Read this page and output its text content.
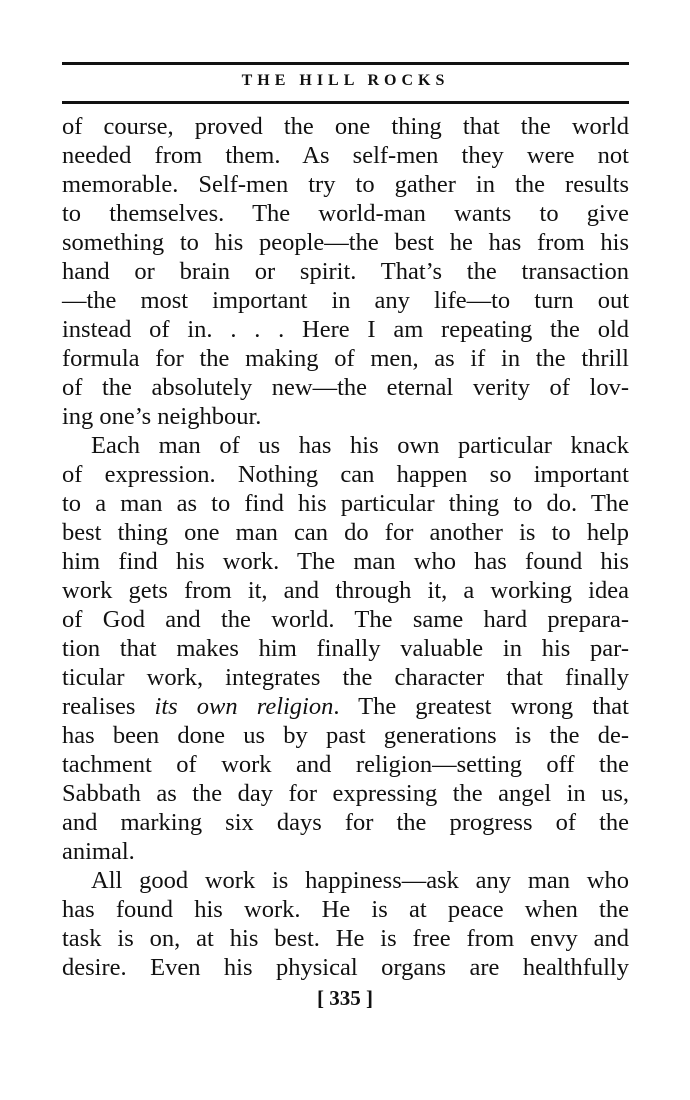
THE HILL ROCKS
of course, proved the one thing that the world
needed from them. As self-men they were not
memorable. Self-men try to gather in the results
to themselves. The world-man wants to give
something to his people—the best he has from his
hand or brain or spirit. That’s the transaction
—the most important in any life—to turn out
instead of in. . . . Here I am repeating the old
formula for the making of men, as if in the thrill
of the absolutely new—the eternal verity of lov-
ing one’s neighbour.
Each man of us has his own particular knack
of expression. Nothing can happen so important
to a man as to find his particular thing to do. The
best thing one man can do for another is to help
him find his work. The man who has found his
work gets from it, and through it, a working idea
of God and the world. The same hard prepara-
tion that makes him finally valuable in his par-
ticular work, integrates the character that finally
realises its own religion. The greatest wrong that
has been done us by past generations is the de-
tachment of work and religion—setting off the
Sabbath as the day for expressing the angel in us,
and marking six days for the progress of the
animal.
All good work is happiness—ask any man who
has found his work. He is at peace when the
task is on, at his best. He is free from envy and
desire. Even his physical organs are healthfully
[ 335 ]
